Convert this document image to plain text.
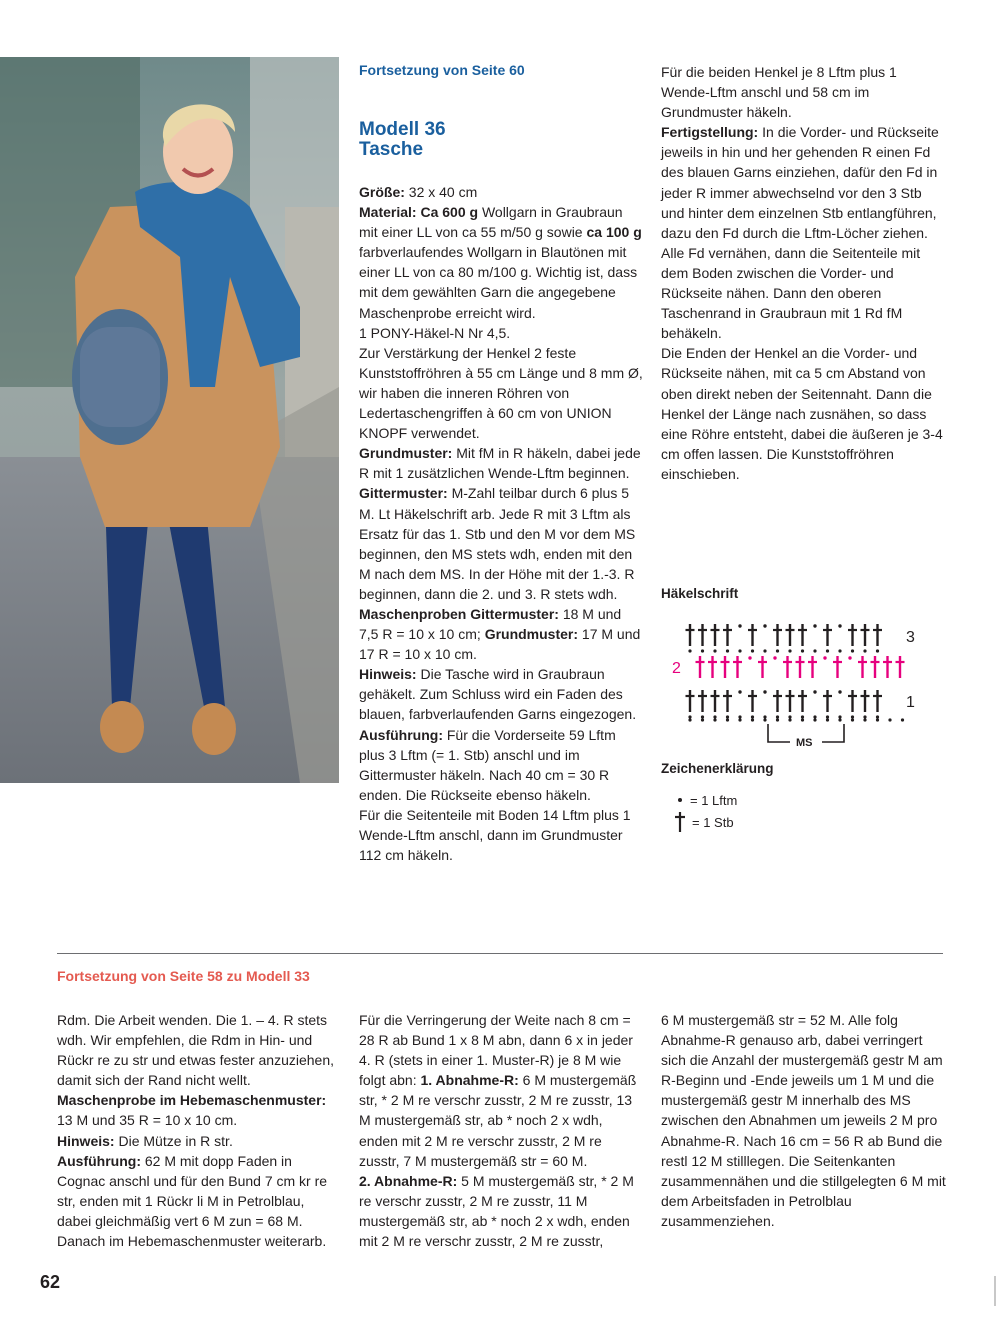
Fortsetzung von Seite 60
Modell 36
Tasche

Größe: 32 x 40 cm

Material: Ca 600 g Wollgarn in Graubraun mit einer LL von ca 55 m/50 g sowie ca 100 g farbverlaufendes Wollgarn in Blautönen mit einer LL von ca 80 m/100 g. Wichtig ist, dass mit dem gewählten Garn die angegebene Maschenprobe erreicht wird.

1 PONY-Häkel-N Nr 4,5.

Zur Verstärkung der Henkel 2 feste Kunststoffröhren à 55 cm Länge und 8 mm Ø, wir haben die inneren Röhren von Ledertaschengriffen à 60 cm von UNION KNOPF verwendet.

Grundmuster: Mit fM in R häkeln, dabei jede R mit 1 zusätzlichen Wende-Lftm beginnen.

Gittermuster: M-Zahl teilbar durch 6 plus 5 M. Lt Häkelschrift arb. Jede R mit 3 Lftm als Ersatz für das 1. Stb und den M vor dem MS beginnen, den MS stets wdh, enden mit den M nach dem MS. In der Höhe mit der 1.-3. R beginnen, dann die 2. und 3. R stets wdh.

Maschenproben Gittermuster: 18 M und 7,5 R = 10 x 10 cm; Grundmuster: 17 M und 17 R = 10 x 10 cm.

Hinweis: Die Tasche wird in Graubraun gehäkelt. Zum Schluss wird ein Faden des blauen, farbverlaufenden Garns eingezogen.

Ausführung: Für die Vorderseite 59 Lftm plus 3 Lftm (= 1. Stb) anschl und im Gittermuster häkeln. Nach 40 cm = 30 R enden. Die Rückseite ebenso häkeln.

Für die Seitenteile mit Boden 14 Lftm plus 1 Wende-Lftm anschl, dann im Grundmuster 112 cm häkeln.

Für die beiden Henkel je 8 Lftm plus 1 Wende-Lftm anschl und 58 cm im Grundmuster häkeln.

Fertigstellung: In die Vorder- und Rückseite jeweils in hin und her gehenden R einen Fd des blauen Garns einziehen, dafür den Fd in jeder R immer abwechselnd vor den 3 Stb und hinter dem einzelnen Stb entlangführen, dazu den Fd durch die Lftm-Löcher ziehen.

Alle Fd vernähen, dann die Seitenteile mit dem Boden zwischen die Vorder- und Rückseite nähen. Dann den oberen Taschenrand in Graubraun mit 1 Rd fM behäkeln.

Die Enden der Henkel an die Vorder- und Rückseite nähen, mit ca 5 cm Abstand von oben direkt neben der Seitennaht. Dann die Henkel der Länge nach zusnähen, so dass eine Röhre entsteht, dabei die äußeren je 3-4 cm offen lassen. Die Kunststoffröhren einschieben.

Häkelschrift
3
2
1
MS
Zeichenerklärung
= 1 Lftm
= 1 Stb
Fortsetzung von Seite 58 zu Modell 33

Rdm. Die Arbeit wenden. Die 1. – 4. R stets wdh. Wir empfehlen, die Rdm in Hin- und Rückr re zu str und etwas fester anzuziehen, damit sich der Rand nicht wellt.

Maschenprobe im Hebemaschenmuster: 13 M und 35 R = 10 x 10 cm.

Hinweis: Die Mütze in R str.

Ausführung: 62 M mit dopp Faden in Cognac anschl und für den Bund 7 cm kr re str, enden mit 1 Rückr li M in Petrolblau, dabei gleichmäßig vert 6 M zun = 68 M. Danach im Hebemaschenmuster weiterarb.

Für die Verringerung der Weite nach 8 cm = 28 R ab Bund 1 x 8 M abn, dann 6 x in jeder 4. R (stets in einer 1. Muster-R) je 8 M wie folgt abn: 1. Abnahme-R: 6 M mustergemäß str, * 2 M re verschr zusstr, 2 M re zusstr, 13 M mustergemäß str, ab * noch 2 x wdh, enden mit 2 M re verschr zusstr, 2 M re zusstr, 7 M mustergemäß str = 60 M.

2. Abnahme-R: 5 M mustergemäß str, * 2 M re verschr zusstr, 2 M re zusstr, 11 M mustergemäß str, ab * noch 2 x wdh, enden mit 2 M re verschr zusstr, 2 M re zusstr,

6 M mustergemäß str = 52 M. Alle folg Abnahme-R genauso arb, dabei verringert sich die Anzahl der mustergemäß gestr M am R-Beginn und -Ende jeweils um 1 M und die mustergemäß gestr M innerhalb des MS zwischen den Abnahmen um jeweils 2 M pro Abnahme-R. Nach 16 cm = 56 R ab Bund die restl 12 M stilllegen. Die Seitenkanten zusammennähen und die stillgelegten 6 M mit dem Arbeitsfaden in Petrolblau zusammenziehen.

62
